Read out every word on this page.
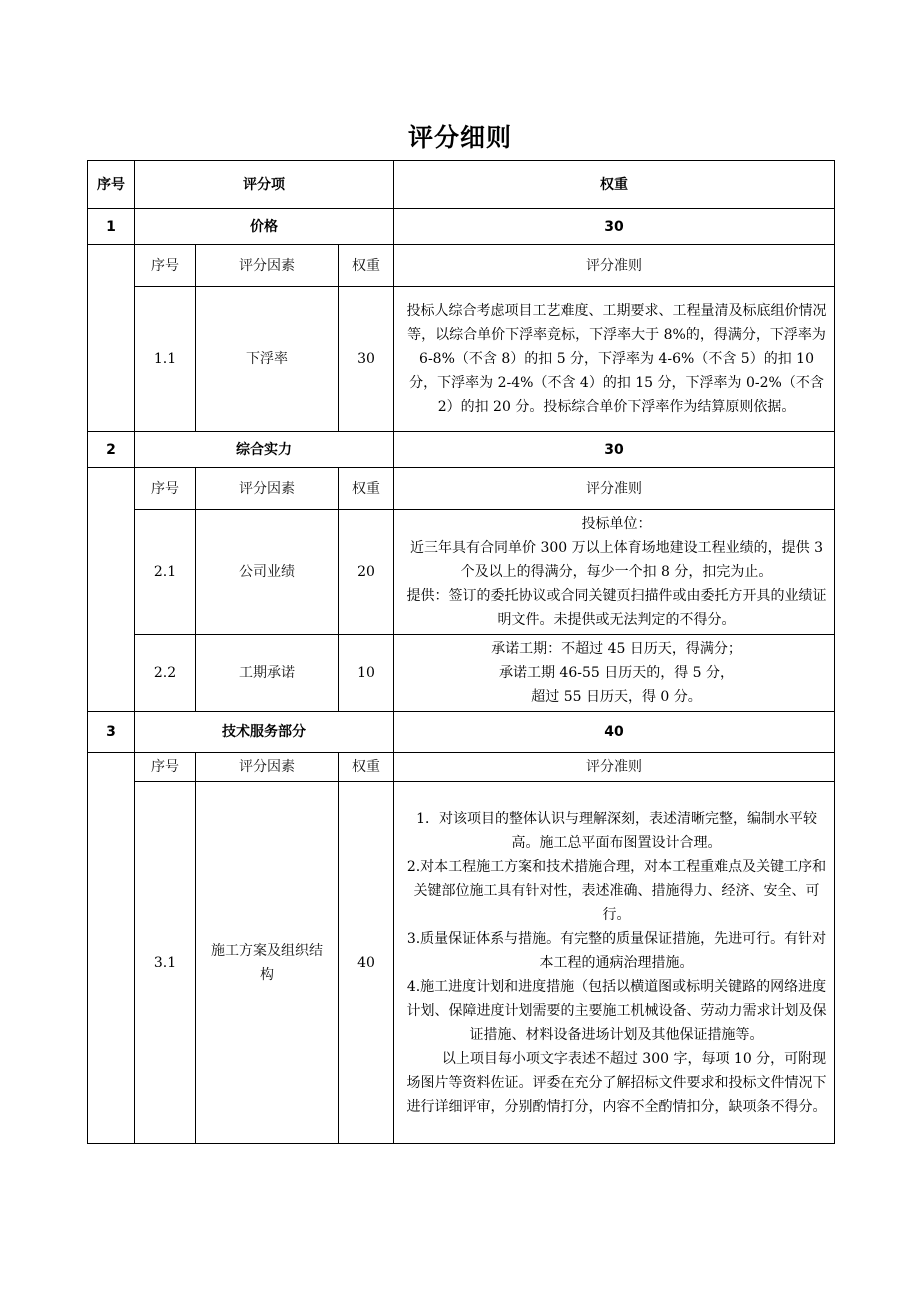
评分细则
序号	评分项			权重
1	价格			30
	序号	评分因素	权重	评分准则
	1.1	下浮率	30	投标人综合考虑项目工艺难度、工期要求、工程量清及标底组价情况等，以综合单价下浮率竞标，下浮率大于 8%的，得满分，下浮率为 6-8%（不含 8）的扣 5 分，下浮率为 4-6%（不含 5）的扣 10 分，下浮率为 2-4%（不含 4）的扣 15 分，下浮率为 0-2%（不含 2）的扣 20 分。投标综合单价下浮率作为结算原则依据。

2	综合实力			30
	序号	评分因素	权重	评分准则
	2.1	公司业绩	20	投标单位：
近三年具有合同单价 300 万以上体育场地建设工程业绩的，提供 3 个及以上的得满分，每少一个扣 8 分，扣完为止。
提供：签订的委托协议或合同关键页扫描件或由委托方开具的业绩证明文件。未提供或无法判定的不得分。

	2.2	工期承诺	10	承诺工期：不超过 45 日历天，得满分；
承诺工期 46-55 日历天的，得 5 分，
超过 55 日历天，得 0 分。

3	技术服务部分			40
	序号	评分因素	权重	评分准则
	3.1	施工方案及组织结构	40	1．对该项目的整体认识与理解深刻，表述清晰完整，编制水平较高。施工总平面布图置设计合理。
2.对本工程施工方案和技术措施合理，对本工程重难点及关键工序和关键部位施工具有针对性，表述准确、措施得力、经济、安全、可行。
3.质量保证体系与措施。有完整的质量保证措施，先进可行。有针对本工程的通病治理措施。
4.施工进度计划和进度措施（包括以横道图或标明关键路的网络进度计划、保障进度计划需要的主要施工机械设备、劳动力需求计划及保证措施、材料设备进场计划及其他保证措施等。
以上项目每小项文字表述不超过 300 字，每项 10 分，可附现场图片等资料佐证。评委在充分了解招标文件要求和投标文件情况下进行详细评审，分别酌情打分，内容不全酌情扣分，缺项条不得分。
